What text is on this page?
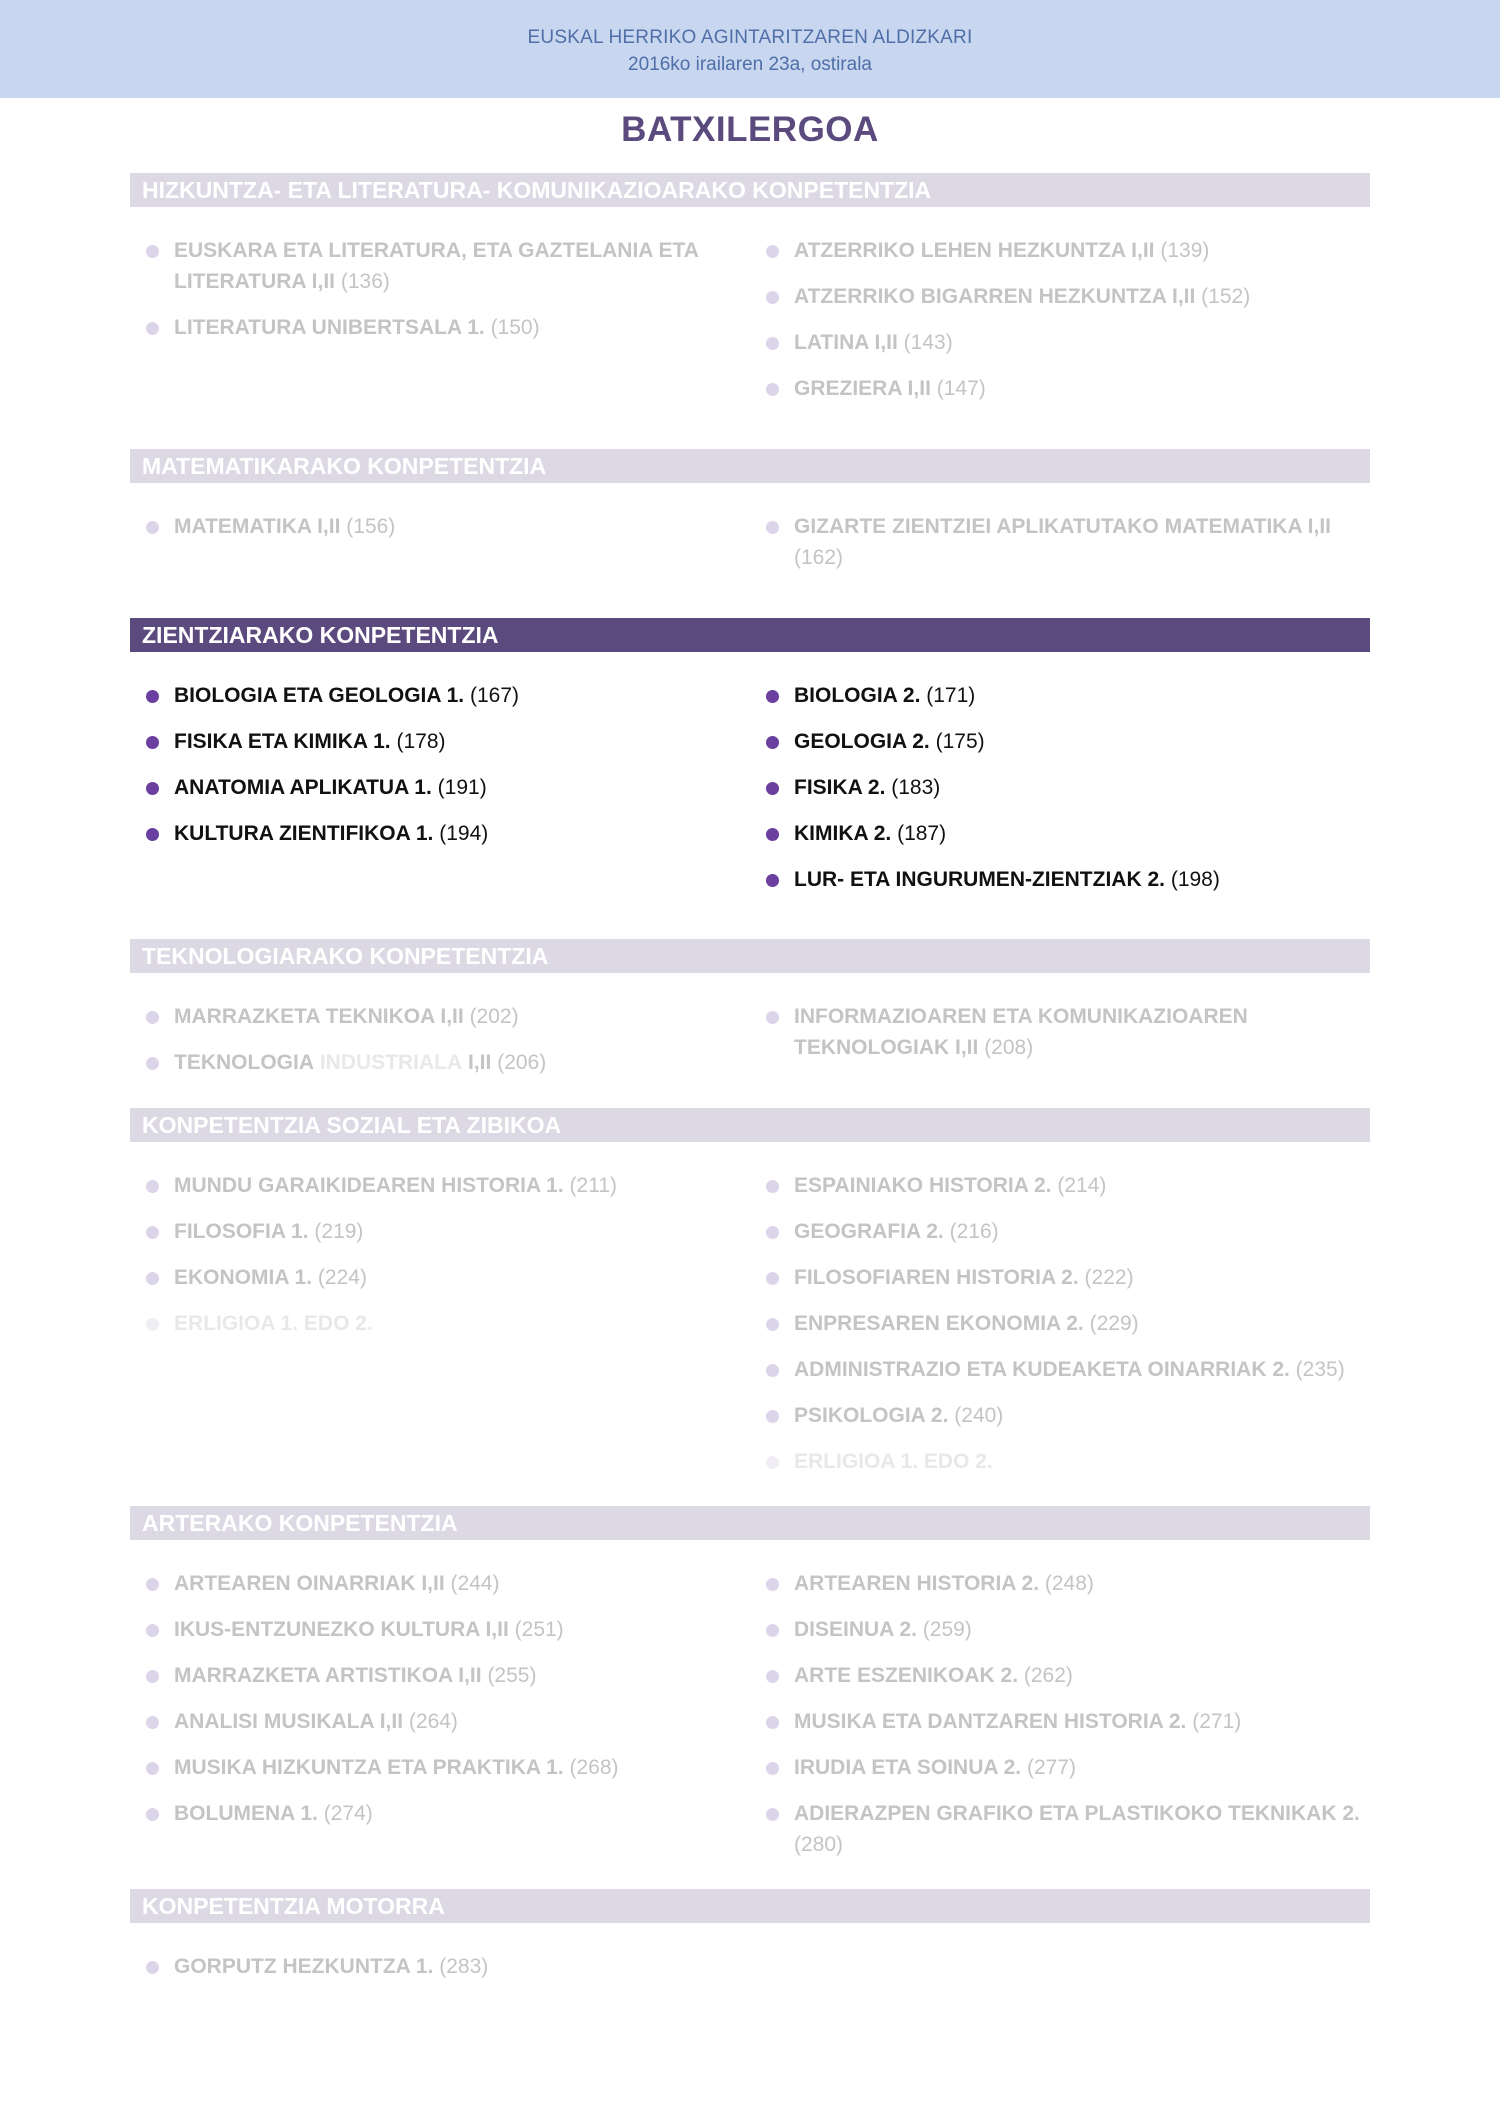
EUSKAL HERRIKO AGINTARITZAREN ALDIZKARI
2016ko irailaren 23a, ostirala
BATXILERGOA
HIZKUNTZA- ETA LITERATURA- KOMUNIKAZIOARAKO KONPETENTZIA
EUSKARA ETA LITERATURA, ETA GAZTELANIA ETA LITERATURA I,II (136)
LITERATURA UNIBERTSALA 1. (150)
ATZERRIKO LEHEN HEZKUNTZA I,II (139)
ATZERRIKO BIGARREN HEZKUNTZA I,II (152)
LATINA I,II (143)
GREZIERA I,II (147)
MATEMATIKARAKO KONPETENTZIA
MATEMATIKA I,II (156)	GIZARTE ZIENTZIEI APLIKATUTAKO MATEMATIKA I,II (162)
ZIENTZIARAKO KONPETENTZIA
BIOLOGIA ETA GEOLOGIA 1. (167)
FISIKA ETA KIMIKA 1. (178)
ANATOMIA APLIKATUA 1. (191)
KULTURA ZIENTIFIKOA 1. (194)
BIOLOGIA 2. (171)
GEOLOGIA 2. (175)
FISIKA 2. (183)
KIMIKA 2. (187)
LUR- ETA INGURUMEN-ZIENTZIAK 2. (198)
TEKNOLOGIARAKO KONPETENTZIA
MARRAZKETA TEKNIKOA I,II (202)
TEKNOLOGIA INDUSTRIALA I,II (206)
INFORMAZIOAREN ETA KOMUNIKAZIOAREN TEKNOLOGIAK I,II (208)
KONPETENTZIA SOZIAL ETA ZIBIKOA
MUNDU GARAIKIDEAREN HISTORIA 1. (211)
FILOSOFIA 1. (219)
EKONOMIA 1. (224)
ERLIGIOA 1. EDO 2.
ESPAINIAKO HISTORIA 2. (214)
GEOGRAFIA 2. (216)
FILOSOFIAREN HISTORIA 2. (222)
ENPRESAREN EKONOMIA 2. (229)
ADMINISTRAZIO ETA KUDEAKETA OINARRIAK 2. (235)
PSIKOLOGIA 2. (240)
ERLIGIOA 1. EDO 2.
ARTERAKO KONPETENTZIA
ARTEAREN OINARRIAK I,II (244)
IKUS-ENTZUNEZKO KULTURA I,II (251)
MARRAZKETA ARTISTIKOA I,II (255)
ANALISI MUSIKALA I,II (264)
MUSIKA HIZKUNTZA ETA PRAKTIKA 1. (268)
BOLUMENA 1. (274)
ARTEAREN HISTORIA 2. (248)
DISEINUA 2. (259)
ARTE ESZENIKOAK 2. (262)
MUSIKA ETA DANTZAREN HISTORIA 2. (271)
IRUDIA ETA SOINUA 2. (277)
ADIERAZPEN GRAFIKO ETA PLASTIKOKO TEKNIKAK 2. (280)
KONPETENTZIA MOTORRA
GORPUTZ HEZKUNTZA 1. (283)
